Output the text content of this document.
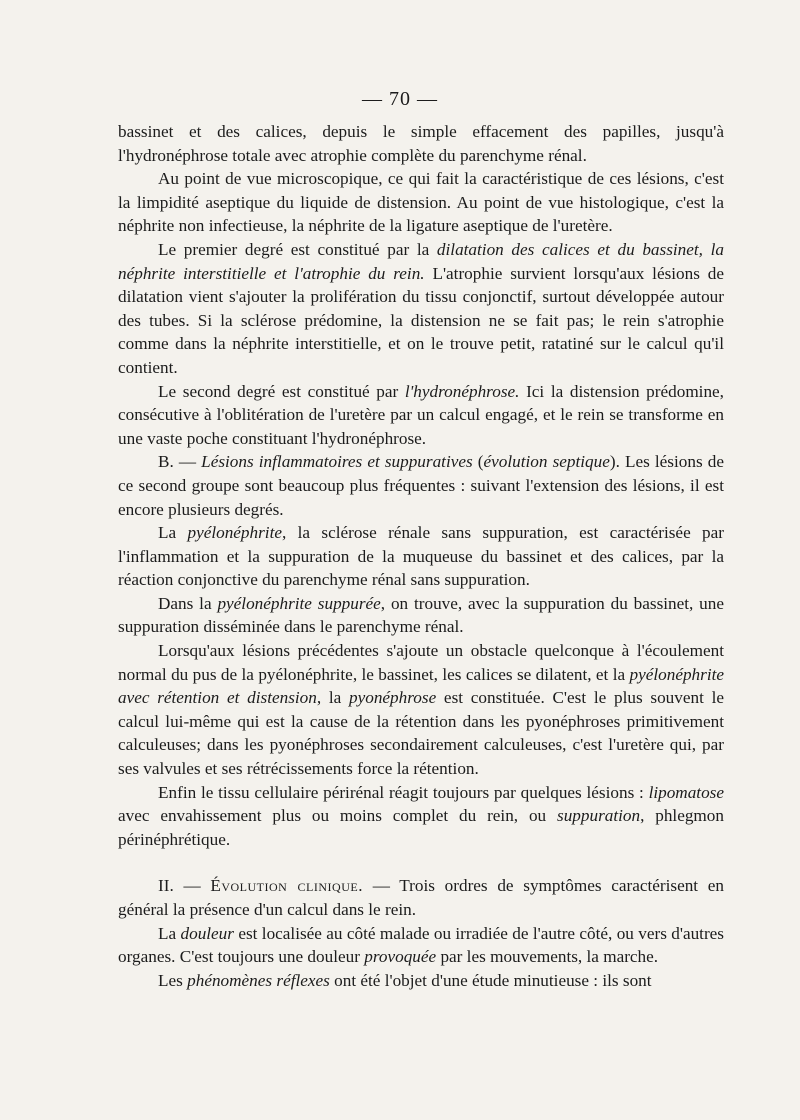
— 70 —

bassinet et des calices, depuis le simple effacement des papilles, jusqu'à l'hydronéphrose totale avec atrophie complète du parenchyme rénal.

Au point de vue microscopique, ce qui fait la caractéristique de ces lésions, c'est la limpidité aseptique du liquide de distension. Au point de vue histologique, c'est la néphrite non infectieuse, la néphrite de la ligature aseptique de l'uretère.

Le premier degré est constitué par la dilatation des calices et du bassinet, la néphrite interstitielle et l'atrophie du rein. L'atrophie survient lorsqu'aux lésions de dilatation vient s'ajouter la prolifération du tissu conjonctif, surtout développée autour des tubes. Si la sclérose prédomine, la distension ne se fait pas; le rein s'atrophie comme dans la néphrite interstitielle, et on le trouve petit, ratatiné sur le calcul qu'il contient.

Le second degré est constitué par l'hydronéphrose. Ici la distension prédomine, consécutive à l'oblitération de l'uretère par un calcul engagé, et le rein se transforme en une vaste poche constituant l'hydronéphrose.

B. — Lésions inflammatoires et suppuratives (évolution septique). Les lésions de ce second groupe sont beaucoup plus fréquentes : suivant l'extension des lésions, il est encore plusieurs degrés.

La pyélonéphrite, la sclérose rénale sans suppuration, est caractérisée par l'inflammation et la suppuration de la muqueuse du bassinet et des calices, par la réaction conjonctive du parenchyme rénal sans suppuration.

Dans la pyélonéphrite suppurée, on trouve, avec la suppuration du bassinet, une suppuration disséminée dans le parenchyme rénal.

Lorsqu'aux lésions précédentes s'ajoute un obstacle quelconque à l'écoulement normal du pus de la pyélonéphrite, le bassinet, les calices se dilatent, et la pyélonéphrite avec rétention et distension, la pyonéphrose est constituée. C'est le plus souvent le calcul lui-même qui est la cause de la rétention dans les pyonéphroses primitivement calculeuses; dans les pyonéphroses secondairement calculeuses, c'est l'uretère qui, par ses valvules et ses rétrécissements force la rétention.

Enfin le tissu cellulaire périrénal réagit toujours par quelques lésions : lipomatose avec envahissement plus ou moins complet du rein, ou suppuration, phlegmon périnéphrétique.

II. — Évolution clinique. — Trois ordres de symptômes caractérisent en général la présence d'un calcul dans le rein.

La douleur est localisée au côté malade ou irradiée de l'autre côté, ou vers d'autres organes. C'est toujours une douleur provoquée par les mouvements, la marche.

Les phénomènes réflexes ont été l'objet d'une étude minutieuse : ils sont
